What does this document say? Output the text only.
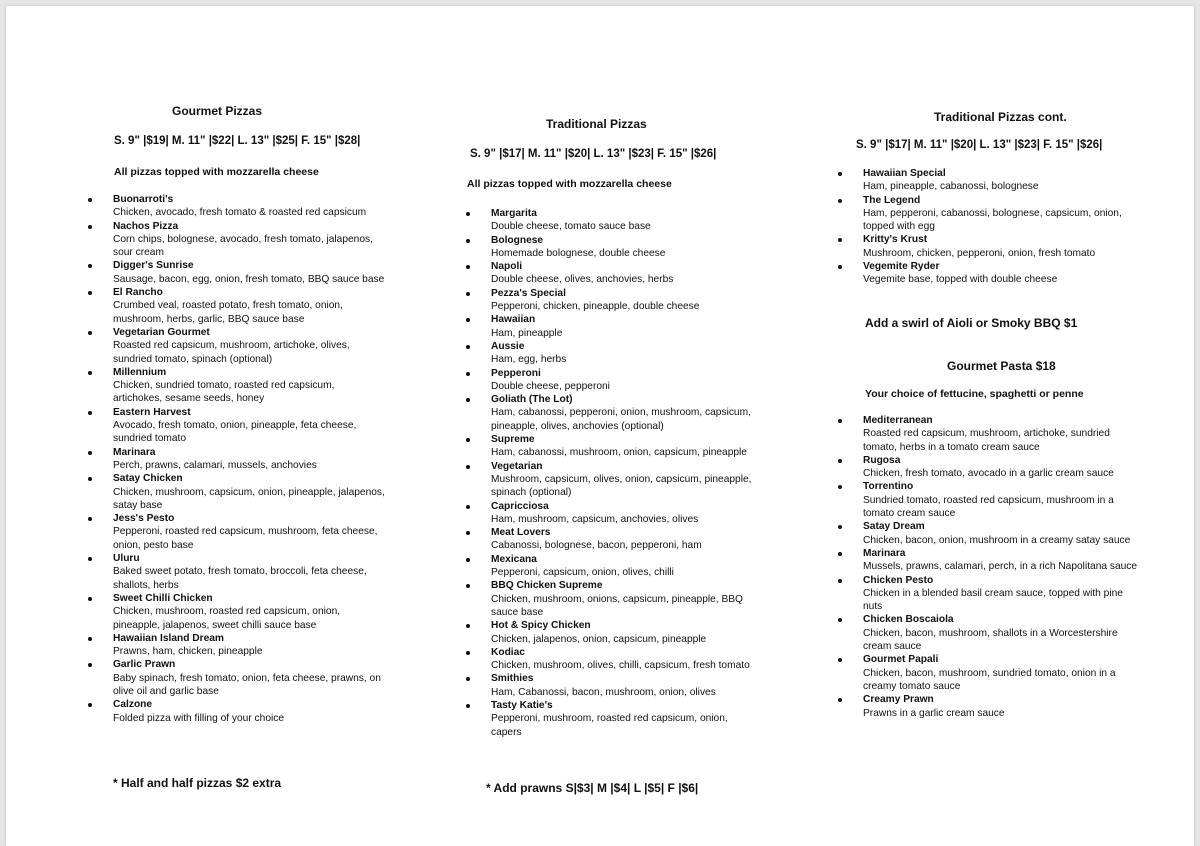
Gourmet Pizzas
S. 9" |$19| M. 11" |$22| L. 13" |$25| F. 15" |$28|
All pizzas topped with mozzarella cheese
Buonarroti's
Chicken, avocado, fresh tomato & roasted red capsicum
Nachos Pizza
Corn chips, bolognese, avocado, fresh tomato, jalapenos, sour cream
Digger's Sunrise
Sausage, bacon, egg, onion, fresh tomato, BBQ sauce base
El Rancho
Crumbed veal, roasted potato, fresh tomato, onion, mushroom, herbs, garlic, BBQ sauce base
Vegetarian Gourmet
Roasted red capsicum, mushroom, artichoke, olives, sundried tomato, spinach (optional)
Millennium
Chicken, sundried tomato, roasted red capsicum, artichokes, sesame seeds, honey
Eastern Harvest
Avocado, fresh tomato, onion, pineapple, feta cheese, sundried tomato
Marinara
Perch, prawns, calamari, mussels, anchovies
Satay Chicken
Chicken, mushroom, capsicum, onion, pineapple, jalapenos, satay base
Jess's Pesto
Pepperoni, roasted red capsicum, mushroom, feta cheese, onion, pesto base
Uluru
Baked sweet potato, fresh tomato, broccoli, feta cheese, shallots, herbs
Sweet Chilli Chicken
Chicken, mushroom, roasted red capsicum, onion, pineapple, jalapenos, sweet chilli sauce base
Hawaiian Island Dream
Prawns, ham, chicken, pineapple
Garlic Prawn
Baby spinach, fresh tomato, onion, feta cheese, prawns, on olive oil and garlic base
Calzone
Folded pizza with filling of your choice
* Half and half pizzas $2 extra
Traditional Pizzas
S. 9" |$17| M. 11" |$20| L. 13" |$23| F. 15" |$26|
All pizzas topped with mozzarella cheese
Margarita
Double cheese, tomato sauce base
Bolognese
Homemade bolognese, double cheese
Napoli
Double cheese, olives, anchovies, herbs
Pezza's Special
Pepperoni, chicken, pineapple, double cheese
Hawaiian
Ham, pineapple
Aussie
Ham, egg, herbs
Pepperoni
Double cheese, pepperoni
Goliath (The Lot)
Ham, cabanossi, pepperoni, onion, mushroom, capsicum, pineapple, olives, anchovies (optional)
Supreme
Ham, cabanossi, mushroom, onion, capsicum, pineapple
Vegetarian
Mushroom, capsicum, olives, onion, capsicum, pineapple, spinach (optional)
Capricciosa
Ham, mushroom, capsicum, anchovies, olives
Meat Lovers
Cabanossi, bolognese, bacon, pepperoni, ham
Mexicana
Pepperoni, capsicum, onion, olives, chilli
BBQ Chicken Supreme
Chicken, mushroom, onions, capsicum, pineapple, BBQ sauce base
Hot & Spicy Chicken
Chicken, jalapenos, onion, capsicum, pineapple
Kodiac
Chicken, mushroom, olives, chilli, capsicum, fresh tomato
Smithies
Ham, Cabanossi, bacon, mushroom, onion, olives
Tasty Katie's
Pepperoni, mushroom, roasted red capsicum, onion, capers
* Add prawns S|$3| M |$4| L |$5| F |$6|
Traditional Pizzas cont.
S. 9" |$17| M. 11" |$20| L. 13" |$23| F. 15" |$26|
Hawaiian Special
Ham, pineapple, cabanossi, bolognese
The Legend
Ham, pepperoni, cabanossi, bolognese, capsicum, onion, topped with egg
Kritty's Krust
Mushroom, chicken, pepperoni, onion, fresh tomato
Vegemite Ryder
Vegemite base, topped with double cheese
Add a swirl of Aioli or Smoky BBQ $1
Gourmet Pasta $18
Your choice of fettucine, spaghetti or penne
Mediterranean
Roasted red capsicum, mushroom, artichoke, sundried tomato, herbs in a tomato cream sauce
Rugosa
Chicken, fresh tomato, avocado in a garlic cream sauce
Torrentino
Sundried tomato, roasted red capsicum, mushroom in a tomato cream sauce
Satay Dream
Chicken, bacon, onion, mushroom in a creamy satay sauce
Marinara
Mussels, prawns, calamari, perch, in a rich Napolitana sauce
Chicken Pesto
Chicken in a blended basil cream sauce, topped with pine nuts
Chicken Boscaiola
Chicken, bacon, mushroom, shallots in a Worcestershire cream sauce
Gourmet Papali
Chicken, bacon, mushroom, sundried tomato, onion in a creamy tomato sauce
Creamy Prawn
Prawns in a garlic cream sauce
